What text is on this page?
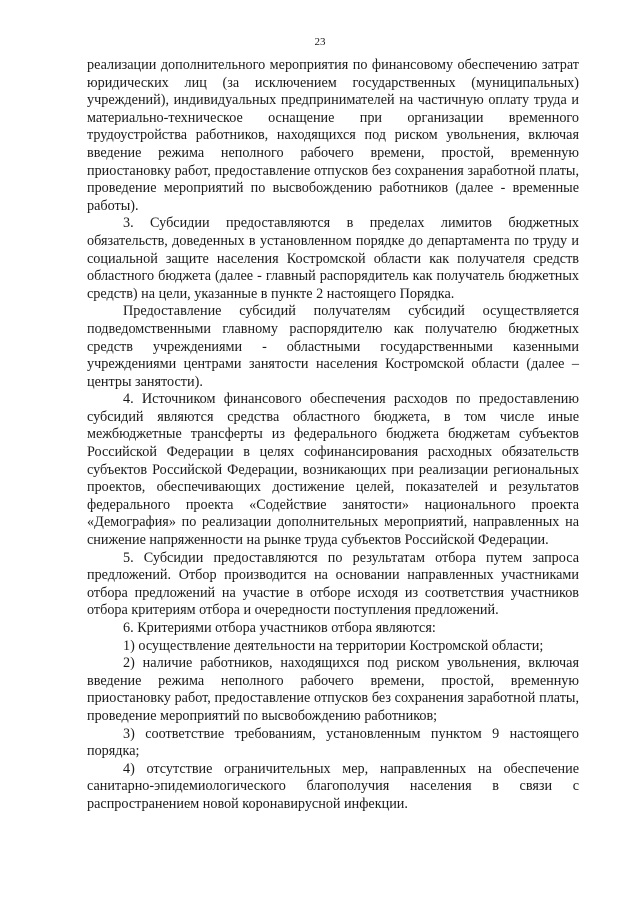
23

реализации дополнительного мероприятия по финансовому обеспечению затрат юридических лиц (за исключением государственных (муниципальных) учреждений), индивидуальных предпринимателей на частичную оплату труда и материально-техническое оснащение при организации временного трудоустройства работников, находящихся под риском увольнения, включая введение режима неполного рабочего времени, простой, временную приостановку работ, предоставление отпусков без сохранения заработной платы, проведение мероприятий по высвобождению работников (далее - временные работы).

3. Субсидии предоставляются в пределах лимитов бюджетных обязательств, доведенных в установленном порядке до департамента по труду и социальной защите населения Костромской области как получателя средств областного бюджета (далее - главный распорядитель как получатель бюджетных средств) на цели, указанные в пункте 2 настоящего Порядка.

Предоставление субсидий получателям субсидий осуществляется подведомственными главному распорядителю как получателю бюджетных средств учреждениями - областными государственными казенными учреждениями центрами занятости населения Костромской области (далее – центры занятости).

4. Источником финансового обеспечения расходов по предоставлению субсидий являются средства областного бюджета, в том числе иные межбюджетные трансферты из федерального бюджета бюджетам субъектов Российской Федерации в целях софинансирования расходных обязательств субъектов Российской Федерации, возникающих при реализации региональных проектов, обеспечивающих достижение целей, показателей и результатов федерального проекта «Содействие занятости» национального проекта «Демография» по реализации дополнительных мероприятий, направленных на снижение напряженности на рынке труда субъектов Российской Федерации.

5. Субсидии предоставляются по результатам отбора путем запроса предложений. Отбор производится на основании направленных участниками отбора предложений на участие в отборе исходя из соответствия участников отбора критериям отбора и очередности поступления предложений.

6. Критериями отбора участников отбора являются:

1) осуществление деятельности на территории Костромской области;

2) наличие работников, находящихся под риском увольнения, включая введение режима неполного рабочего времени, простой, временную приостановку работ, предоставление отпусков без сохранения заработной платы, проведение мероприятий по высвобождению работников;

3) соответствие требованиям, установленным пунктом 9 настоящего порядка;

4) отсутствие ограничительных мер, направленных на обеспечение санитарно-эпидемиологического благополучия населения в связи с распространением новой коронавирусной инфекции.
